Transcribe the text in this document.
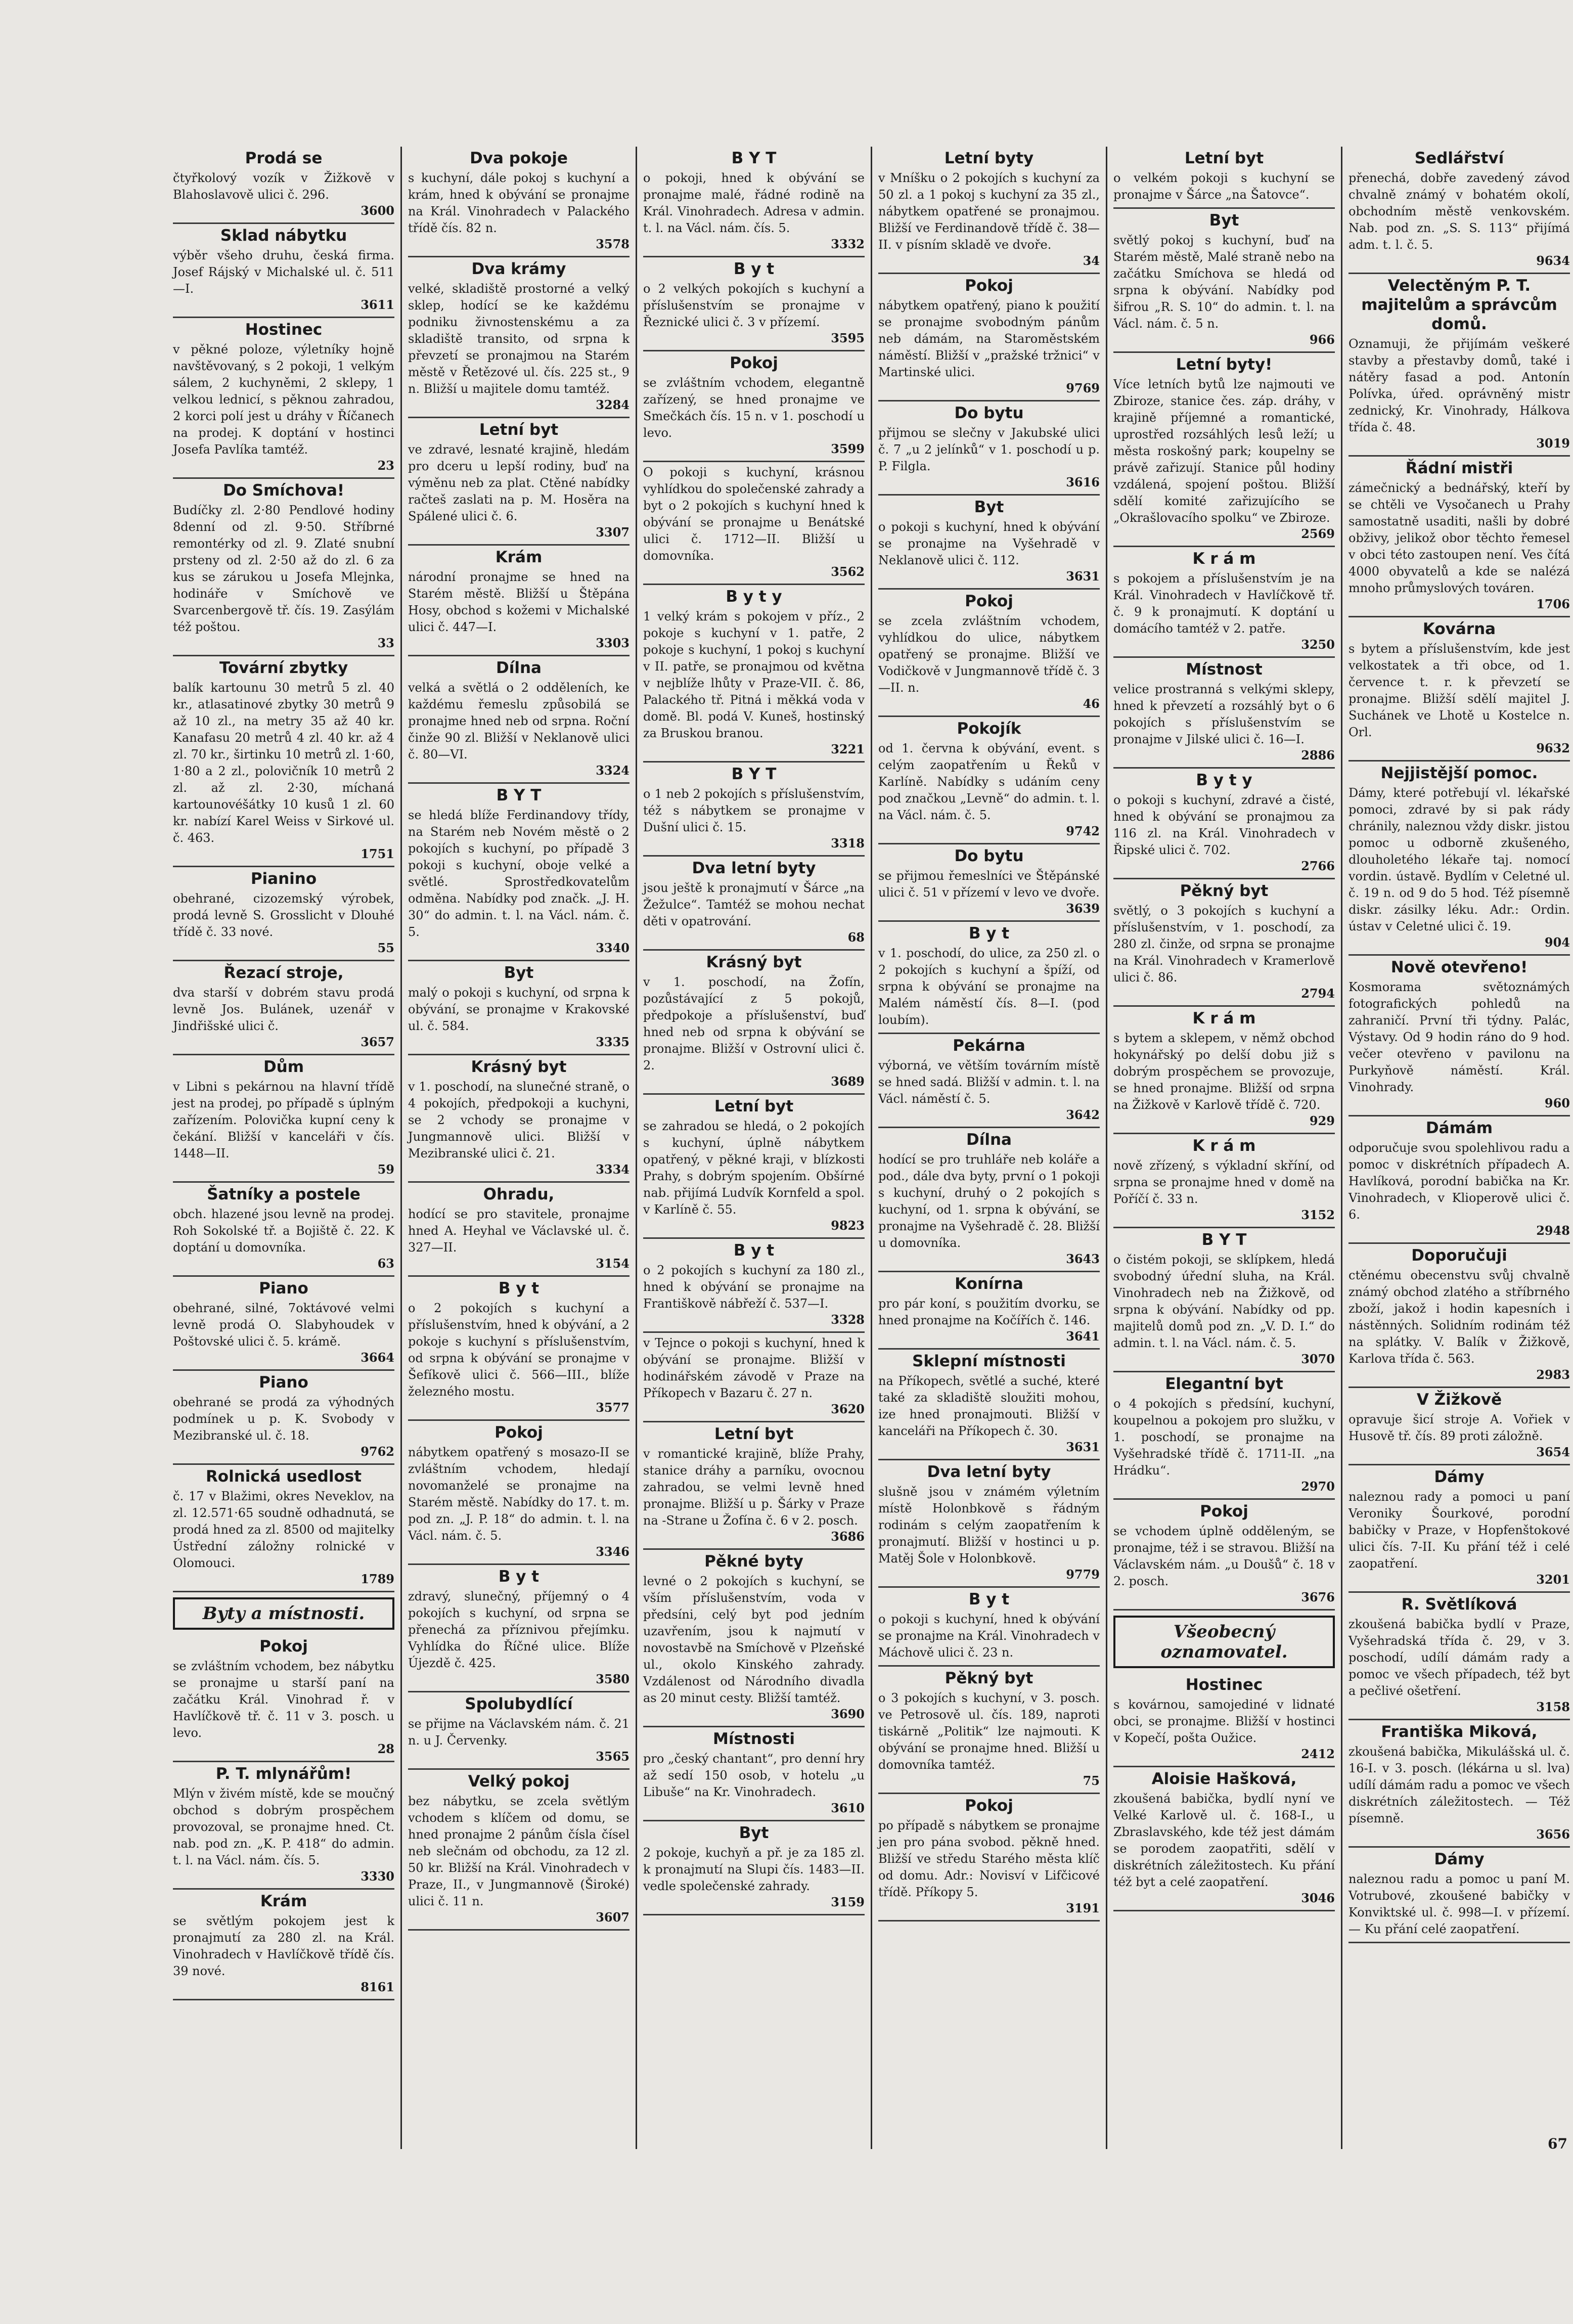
Prodá se

čtyřkolový vozík v Žižkově v Blahoslavově ulici č. 296.

3600
Sklad nábytku

výběr všeho druhu, česká firma. Josef Rájský v Michalské ul. č. 511—I.

3611
Hostinec

v pěkné poloze, výletníky hojně navštěvovaný, s 2 pokoji, 1 velkým sálem, 2 kuchyněmi, 2 sklepy, 1 velkou lednicí, s pěknou zahradou, 2 korci polí jest u dráhy v Říčanech na prodej. K doptání v hostinci Josefa Pavlíka tamtéž.

23
Do Smíchova!

Budíčky zl. 2·80 Pendlové hodiny 8denní od zl. 9·50. Stříbrné remontérky od zl. 9. Zlaté snubní prsteny od zl. 2·50 až do zl. 6 za kus se zárukou u Josefa Mlejnka, hodináře v Smíchově ve Svarcenbergově tř. čís. 19. Zasýlám též poštou.

33
Tovární zbytky

balík kartounu 30 metrů 5 zl. 40 kr., atlasatinové zbytky 30 metrů 9 až 10 zl., na metry 35 až 40 kr. Kanafasu 20 metrů 4 zl. 40 kr. až 4 zl. 70 kr., širtinku 10 metrů zl. 1·60, 1·80 a 2 zl., polovičník 10 metrů 2 zl. až zl. 2·30, míchaná kartounovéšátky 10 kusů 1 zl. 60 kr. nabízí Karel Weiss v Sirkové ul. č. 463.

1751
Pianino

obehrané, cizozemský výrobek, prodá levně S. Grosslicht v Dlouhé třídě č. 33 nové.

55
Řezací stroje,

dva starší v dobrém stavu prodá levně Jos. Bulánek, uzenář v Jindřišské ulici č.

3657
Dům

v Libni s pekárnou na hlavní třídě jest na prodej, po případě s úplným zařízením. Polovička kupní ceny k čekání. Bližší v kanceláři v čís. 1448—II.

59
Šatníky a postele

obch. hlazené jsou levně na prodej. Roh Sokolské tř. a Bojiště č. 22. K doptání u domovníka.

63
Piano

obehrané, silné, 7oktávové velmi levně prodá O. Slabyhoudek v Poštovské ulici č. 5. krámě.

3664
Piano

obehrané se prodá za výhodných podmínek u p. K. Svobody v Mezibranské ul. č. 18.

9762
Rolnická usedlost

č. 17 v Blažimi, okres Neveklov, na zl. 12.571·65 soudně odhadnutá, se prodá hned za zl. 8500 od majitelky Ústřední záložny rolnické v Olomouci.

1789
Byty a místnosti.
Pokoj

se zvláštním vchodem, bez nábytku se pronajme u starší paní na začátku Král. Vinohrad ř. v Havlíčkově tř. č. 11 v 3. posch. u levo.

28
P. T. mlynářům!

Mlýn v živém místě, kde se moučný obchod s dobrým prospěchem provozoval, se pronajme hned. Ct. nab. pod zn. „K. P. 418“ do admin. t. l. na Václ. nám. čís. 5.

3330
Krám

se světlým pokojem jest k pronajmutí za 280 zl. na Král. Vinohradech v Havlíčkově třídě čís. 39 nové.

8161
Dva pokoje

s kuchyní, dále pokoj s kuchyní a krám, hned k obývání se pronajme na Král. Vinohradech v Palackého třídě čís. 82 n.

3578
Dva krámy

velké, skladiště prostorné a velký sklep, hodící se ke každému podniku živnostenskému a za skladiště transito, od srpna k převzetí se pronajmou na Starém městě v Řetězové ul. čís. 225 st., 9 n. Bližší u majitele domu tamtéž.

3284
Letní byt

ve zdravé, lesnaté krajině, hledám pro dceru u lepší rodiny, buď na výměnu neb za plat. Ctěné nabídky račteš zaslati na p. M. Hosěra na Spálené ulici č. 6.

3307
Krám

národní pronajme se hned na Starém městě. Bližší u Štěpána Hosy, obchod s kožemi v Michalské ulici č. 447—I.

3303
Dílna

velká a světlá o 2 odděleních, ke každému řemeslu způsobilá se pronajme hned neb od srpna. Roční činže 90 zl. Bližší v Neklanově ulici č. 80—VI.

3324
B Y T

se hledá blíže Ferdinandovy třídy, na Starém neb Novém městě o 2 pokojích s kuchyní, po případě 3 pokoji s kuchyní, oboje velké a světlé. Sprostředkovatelům odměna. Nabídky pod značk. „J. H. 30“ do admin. t. l. na Václ. nám. č. 5.

3340
Byt

malý o pokoji s kuchyní, od srpna k obývání, se pronajme v Krakovské ul. č. 584.

3335
Krásný byt

v 1. poschodí, na slunečné straně, o 4 pokojích, předpokoji a kuchyni, se 2 vchody se pronajme v Jungmannově ulici. Bližší v Mezibranské ulici č. 21.

3334
Ohradu,

hodící se pro stavitele, pronajme hned A. Heyhal ve Václavské ul. č. 327—II.

3154
B y t

o 2 pokojích s kuchyní a příslušenstvím, hned k obývání, a 2 pokoje s kuchyní s příslušenstvím, od srpna k obývání se pronajme v Šefíkově ulici č. 566—III., blíže železného mostu.

3577
Pokoj

nábytkem opatřený s mosazo-II se zvláštním vchodem, hledají novomanželé se pronajme na Starém městě. Nabídky do 17. t. m. pod zn. „J. P. 18“ do admin. t. l. na Václ. nám. č. 5.

3346
B y t

zdravý, slunečný, příjemný o 4 pokojích s kuchyní, od srpna se přenechá za příznivou přejímku. Vyhlídka do Říčné ulice. Blíže Újezdě č. 425.

3580
Spolubydlící

se přijme na Václavském nám. č. 21 n. u J. Červenky.

3565
Velký pokoj

bez nábytku, se zcela světlým vchodem s klíčem od domu, se hned pronajme 2 pánům čísla čísel neb slečnám od obchodu, za 12 zl. 50 kr. Bližší na Král. Vinohradech v Praze, II., v Jungmannově (Široké) ulici č. 11 n.

3607
B Y T

o pokoji, hned k obývání se pronajme malé, řádné rodině na Král. Vinohradech. Adresa v admin. t. l. na Václ. nám. čís. 5.

3332
B y t

o 2 velkých pokojích s kuchyní a příslušenstvím se pronajme v Řeznické ulici č. 3 v přízemí.

3595
Pokoj

se zvláštním vchodem, elegantně zařízený, se hned pronajme ve Smečkách čís. 15 n. v 1. poschodí u levo.

3599

O pokoji s kuchyní, krásnou vyhlídkou do společenské zahrady a byt o 2 pokojích s kuchyní hned k obývání se pronajme u Benátské ulici č. 1712—II. Bližší u domovníka.

3562
B y t y

1 velký krám s pokojem v příz., 2 pokoje s kuchyní v 1. patře, 2 pokoje s kuchyní, 1 pokoj s kuchyní v II. patře, se pronajmou od května v nejblíže lhůty v Praze-VII. č. 86, Palackého tř. Pitná i měkká voda v domě. Bl. podá V. Kuneš, hostinský za Bruskou branou.

3221
B Y T

o 1 neb 2 pokojích s příslušenstvím, též s nábytkem se pronajme v Dušní ulici č. 15.

3318
Dva letní byty

jsou ještě k pronajmutí v Šárce „na Žežulce“. Tamtéž se mohou nechat děti v opatrování.

68
Krásný byt

v 1. poschodí, na Žofín, pozůstávající z 5 pokojů, předpokoje a příslušenství, buď hned neb od srpna k obývání se pronajme. Bližší v Ostrovní ulici č. 2.

3689
Letní byt

se zahradou se hledá, o 2 pokojích s kuchyní, úplně nábytkem opatřený, v pěkné kraji, v blízkosti Prahy, s dobrým spojením. Obšírné nab. přijímá Ludvík Kornfeld a spol. v Karlíně č. 55.

9823
B y t

o 2 pokojích s kuchyní za 180 zl., hned k obývání se pronajme na Františkově nábřeží č. 537—I.

3328

v Tejnce o pokoji s kuchyní, hned k obývání se pronajme. Bližší v hodinářském závodě v Praze na Příkopech v Bazaru č. 27 n.

3620
Letní byt

v romantické krajině, blíže Prahy, stanice dráhy a parníku, ovocnou zahradou, se velmi levně hned pronajme. Bližší u p. Šárky v Praze na -Strane u Žofína č. 6 v 2. posch.

3686
Pěkné byty

levné o 2 pokojích s kuchyní, se vším příslušenstvím, voda v předsíni, celý byt pod jedním uzavřením, jsou k najmutí v novostavbě na Smíchově v Plzeňské ul., okolo Kinského zahrady. Vzdálenost od Národního divadla as 20 minut cesty. Bližší tamtéž.

3690
Místnosti

pro „český chantant“, pro denní hry až sedí 150 osob, v hotelu „u Libuše“ na Kr. Vinohradech.

3610
Byt

2 pokoje, kuchyň a př. je za 185 zl. k pronajmutí na Slupi čís. 1483—II. vedle společenské zahrady.

3159
Letní byty

v Mníšku o 2 pokojích s kuchyní za 50 zl. a 1 pokoj s kuchyní za 35 zl., nábytkem opatřené se pronajmou. Bližší ve Ferdinandově třídě č. 38—II. v písním skladě ve dvoře.

34
Pokoj

nábytkem opatřený, piano k použití se pronajme svobodným pánům neb dámám, na Staroměstském náměstí. Bližší v „pražské tržnici“ v Martinské ulici.

9769
Do bytu

přijmou se slečny v Jakubské ulici č. 7 „u 2 jelínků“ v 1. poschodí u p. P. Filgla.

3616
Byt

o pokoji s kuchyní, hned k obývání se pronajme na Vyšehradě v Neklanově ulici č. 112.

3631
Pokoj

se zcela zvláštním vchodem, vyhlídkou do ulice, nábytkem opatřený se pronajme. Bližší ve Vodičkově v Jungmannově třídě č. 3—II. n.

46
Pokojík

od 1. června k obývání, event. s celým zaopatřením u Řeků v Karlíně. Nabídky s udáním ceny pod značkou „Levně“ do admin. t. l. na Václ. nám. č. 5.

9742
Do bytu

se přijmou řemeslníci ve Štěpánské ulici č. 51 v přízemí v levo ve dvoře.

3639
B y t

v 1. poschodí, do ulice, za 250 zl. o 2 pokojích s kuchyní a špíží, od srpna k obývání se pronajme na Malém náměstí čís. 8—I. (pod loubím).

Pekárna

výborná, ve větším továrním místě se hned sadá. Bližší v admin. t. l. na Václ. náměstí č. 5.

3642
Dílna

hodící se pro truhláře neb koláře a pod., dále dva byty, první o 1 pokoji s kuchyní, druhý o 2 pokojích s kuchyní, od 1. srpna k obývání, se pronajme na Vyšehradě č. 28. Bližší u domovníka.

3643
Konírna

pro pár koní, s použitím dvorku, se hned pronajme na Kočířích č. 146.

3641
Sklepní místnosti

na Příkopech, světlé a suché, které také za skladiště sloužiti mohou, ize hned pronajmouti. Bližší v kanceláři na Příkopech č. 30.

3631
Dva letní byty

slušně jsou v známém výletním místě Holonbkově s řádným rodinám s celým zaopatřením k pronajmutí. Bližší v hostinci u p. Matěj Šole v Holonbkově.

9779
B y t

o pokoji s kuchyní, hned k obývání se pronajme na Král. Vinohradech v Máchově ulici č. 23 n.

Pěkný byt

o 3 pokojích s kuchyní, v 3. posch. ve Petrosově ul. čís. 189, naproti tiskárně „Politik“ lze najmouti. K obývání se pronajme hned. Bližší u domovníka tamtéž.

75
Pokoj

po případě s nábytkem se pronajme jen pro pána svobod. pěkně hned. Bližší ve středu Starého města klíč od domu. Adr.: Novisví v Lifčicové třídě. Příkopy 5.

3191
Letní byt

o velkém pokoji s kuchyní se pronajme v Šárce „na Šatovce“.

Byt

světlý pokoj s kuchyní, buď na Starém městě, Malé straně nebo na začátku Smíchova se hledá od srpna k obývání. Nabídky pod šifrou „R. S. 10“ do admin. t. l. na Václ. nám. č. 5 n.

966
Letní byty!

Více letních bytů lze najmouti ve Zbiroze, stanice čes. záp. dráhy, v krajině příjemné a romantické, uprostřed rozsáhlých lesů leží; u města roskošný park; koupelny se právě zařizují. Stanice půl hodiny vzdálená, spojení poštou. Bližší sdělí komité zařizujícího se „Okrašlovacího spolku“ ve Zbiroze.

2569
K r á m

s pokojem a příslušenstvím je na Král. Vinohradech v Havlíčkově tř. č. 9 k pronajmutí. K doptání u domácího tamtéž v 2. patře.

3250
Místnost

velice prostranná s velkými sklepy, hned k převzetí a rozsáhlý byt o 6 pokojích s příslušenstvím se pronajme v Jilské ulici č. 16—I.

2886
B y t y

o pokoji s kuchyní, zdravé a čisté, hned k obývání se pronajmou za 116 zl. na Král. Vinohradech v Řipské ulici č. 702.

2766
Pěkný byt

světlý, o 3 pokojích s kuchyní a příslušenstvím, v 1. poschodí, za 280 zl. činže, od srpna se pronajme na Král. Vinohradech v Kramerlově ulici č. 86.

2794
K r á m

s bytem a sklepem, v němž obchod hokynářský po delší dobu již s dobrým prospěchem se provozuje, se hned pronajme. Bližší od srpna na Žižkově v Karlově třídě č. 720.

929
K r á m

nově zřízený, s výkladní skříní, od srpna se pronajme hned v domě na Poříčí č. 33 n.

3152
B Y T

o čistém pokoji, se sklípkem, hledá svobodný úřední sluha, na Král. Vinohradech neb na Žižkově, od srpna k obývání. Nabídky od pp. majitelů domů pod zn. „V. D. I.“ do admin. t. l. na Václ. nám. č. 5.

3070
Elegantní byt

o 4 pokojích s předsíní, kuchyní, koupelnou a pokojem pro služku, v 1. poschodí, se pronajme na Vyšehradské třídě č. 1711-II. „na Hrádku“.

2970
Pokoj

se vchodem úplně odděleným, se pronajme, též i se stravou. Bližší na Václavském nám. „u Doušů“ č. 18 v 2. posch.

3676
Všeobecný oznamovatel.
Hostinec

s kovárnou, samojediné v lidnaté obci, se pronajme. Bližší v hostinci v Kopečí, pošta Oužice.

2412
Aloisie Hašková,

zkoušená babička, bydlí nyní ve Velké Karlově ul. č. 168-I., u Zbraslavského, kde též jest dámám se porodem zaopatřiti, sdělí v diskrétních záležitostech. Ku přání též byt a celé zaopatření.

3046
Sedlářství

přenechá, dobře zavedený závod chvalně známý v bohatém okolí, obchodním městě venkovském. Nab. pod zn. „S. S. 113“ přijímá adm. t. l. č. 5.

9634
Velectěným P. T. majitelům a správcům domů.

Oznamuji, že přijímám veškeré stavby a přestavby domů, také i nátěry fasad a pod. Antonín Polívka, úřed. oprávněný mistr zednický, Kr. Vinohrady, Hálkova třída č. 48.

3019
Řádní mistři

zámečnický a bednářský, kteří by se chtěli ve Vysočanech u Prahy samostatně usaditi, našli by dobré obživy, jelikož obor těchto řemesel v obci této zastoupen není. Ves čítá 4000 obyvatelů a kde se nalézá mnoho průmyslových továren.

1706
Kovárna

s bytem a příslušenstvím, kde jest velkostatek a tři obce, od 1. července t. r. k převzetí se pronajme. Bližší sdělí majitel J. Suchánek ve Lhotě u Kostelce n. Orl.

9632
Nejjistější pomoc.

Dámy, které potřebují vl. lékařské pomoci, zdravé by si pak rády chránily, naleznou vždy diskr. jistou pomoc u odborně zkušeného, dlouholetého lékaře taj. nomocí vordin. ústavě. Bydlím v Celetné ul. č. 19 n. od 9 do 5 hod. Též písemně diskr. zásilky léku. Adr.: Ordin. ústav v Celetné ulici č. 19.

904
Nově otevřeno!

Kosmorama světoznámých fotografických pohledů na zahraničí. První tři týdny. Palác, Výstavy. Od 9 hodin ráno do 9 hod. večer otevřeno v pavilonu na Purkyňově náměstí. Král. Vinohrady.

960
Dámám

odporučuje svou spolehlivou radu a pomoc v diskrétních případech A. Havlíková, porodní babička na Kr. Vinohradech, v Klioperově ulici č. 6.

2948
Doporučuji

ctěnému obecenstvu svůj chvalně známý obchod zlatého a stříbrného zboží, jakož i hodin kapesních i nástěnných. Solidním rodinám též na splátky. V. Balík v Žižkově, Karlova třída č. 563.

2983
V Žižkově

opravuje šicí stroje A. Vořiek v Husově tř. čís. 89 proti záložně.

3654
Dámy

naleznou rady a pomoci u paní Veroniky Šourkové, porodní babičky v Praze, v Hopfenštokové ulici čís. 7-II. Ku přání též i celé zaopatření.

3201
R. Světlíková

zkoušená babička bydlí v Praze, Vyšehradská třída č. 29, v 3. poschodí, udílí dámám rady a pomoc ve všech případech, též byt a pečlivé ošetření.

3158
Františka Miková,

zkoušená babička, Mikulášská ul. č. 16-I. v 3. posch. (lékárna u sl. lva) udílí dámám radu a pomoc ve všech diskrétních záležitostech. — Též písemně.

3656
Dámy

naleznou radu a pomoc u paní M. Votrubové, zkoušené babičky v Konviktské ul. č. 998—I. v přízemí. — Ku přání celé zaopatření.

67
